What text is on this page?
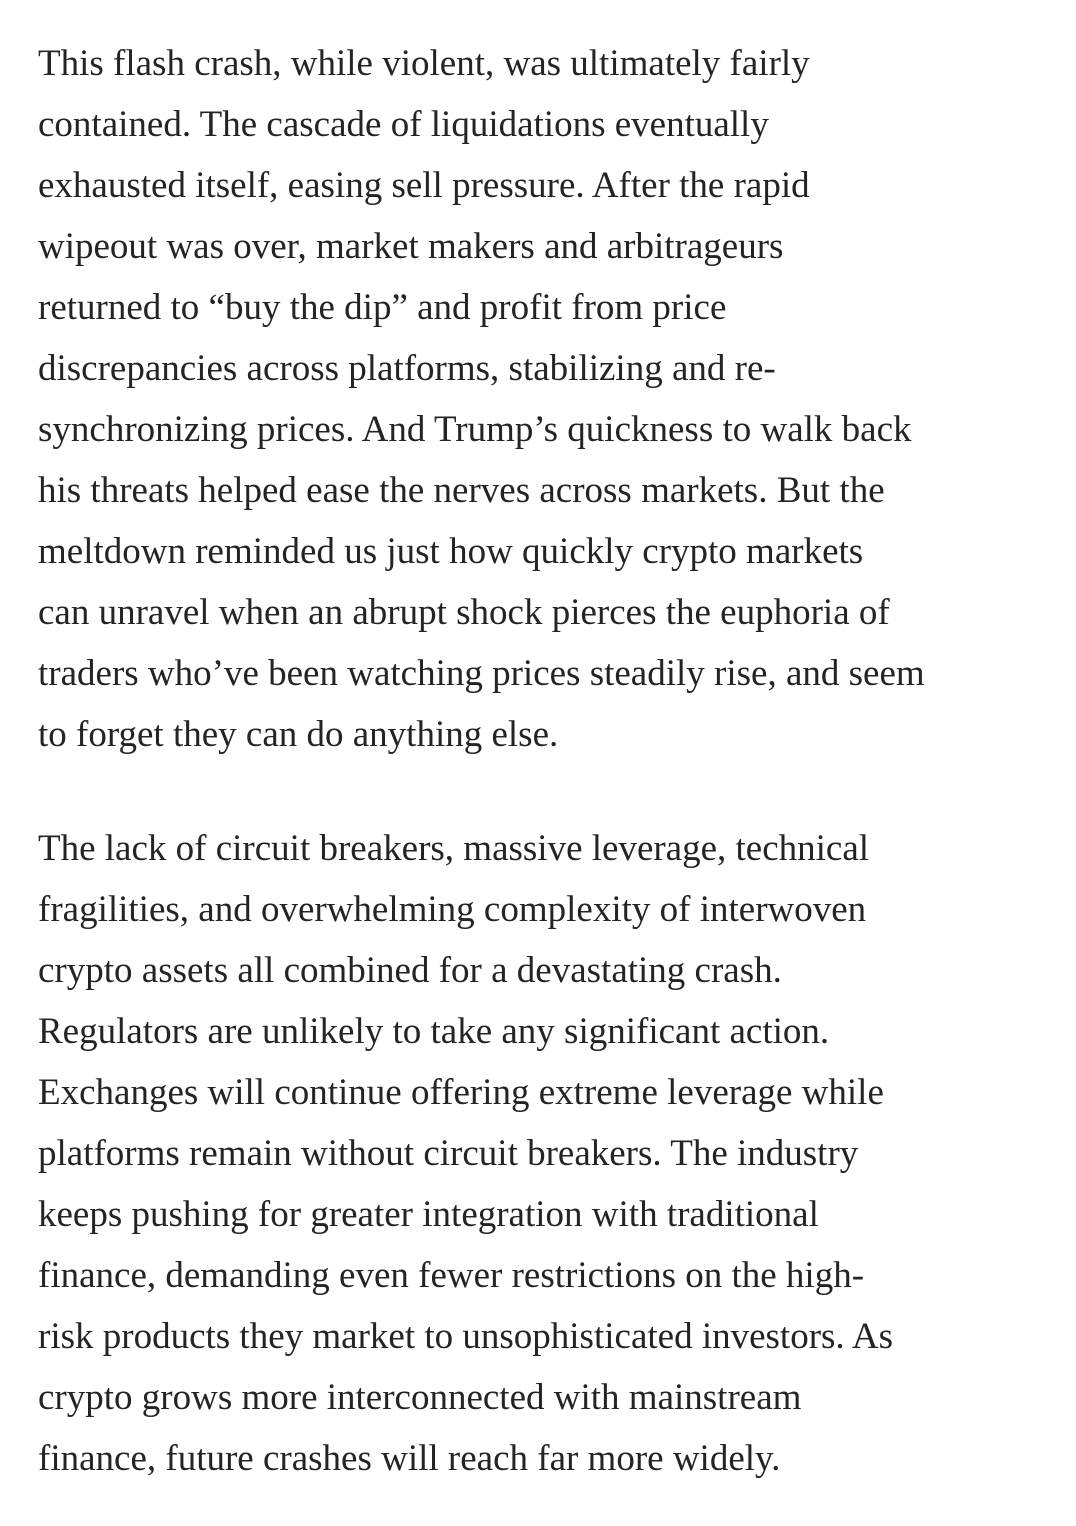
This flash crash, while violent, was ultimately fairly
contained. The cascade of liquidations eventually
exhausted itself, easing sell pressure. After the rapid
wipeout was over, market makers and arbitrageurs
returned to “buy the dip” and profit from price
discrepancies across platforms, stabilizing and re-
synchronizing prices. And Trump’s quickness to walk back
his threats helped ease the nerves across markets. But the
meltdown reminded us just how quickly crypto markets
can unravel when an abrupt shock pierces the euphoria of
traders who’ve been watching prices steadily rise, and seem
to forget they can do anything else.

The lack of circuit breakers, massive leverage, technical
fragilities, and overwhelming complexity of interwoven
crypto assets all combined for a devastating crash.
Regulators are unlikely to take any significant action.
Exchanges will continue offering extreme leverage while
platforms remain without circuit breakers. The industry
keeps pushing for greater integration with traditional
finance, demanding even fewer restrictions on the high-
risk products they market to unsophisticated investors. As
crypto grows more interconnected with mainstream
finance, future crashes will reach far more widely.
